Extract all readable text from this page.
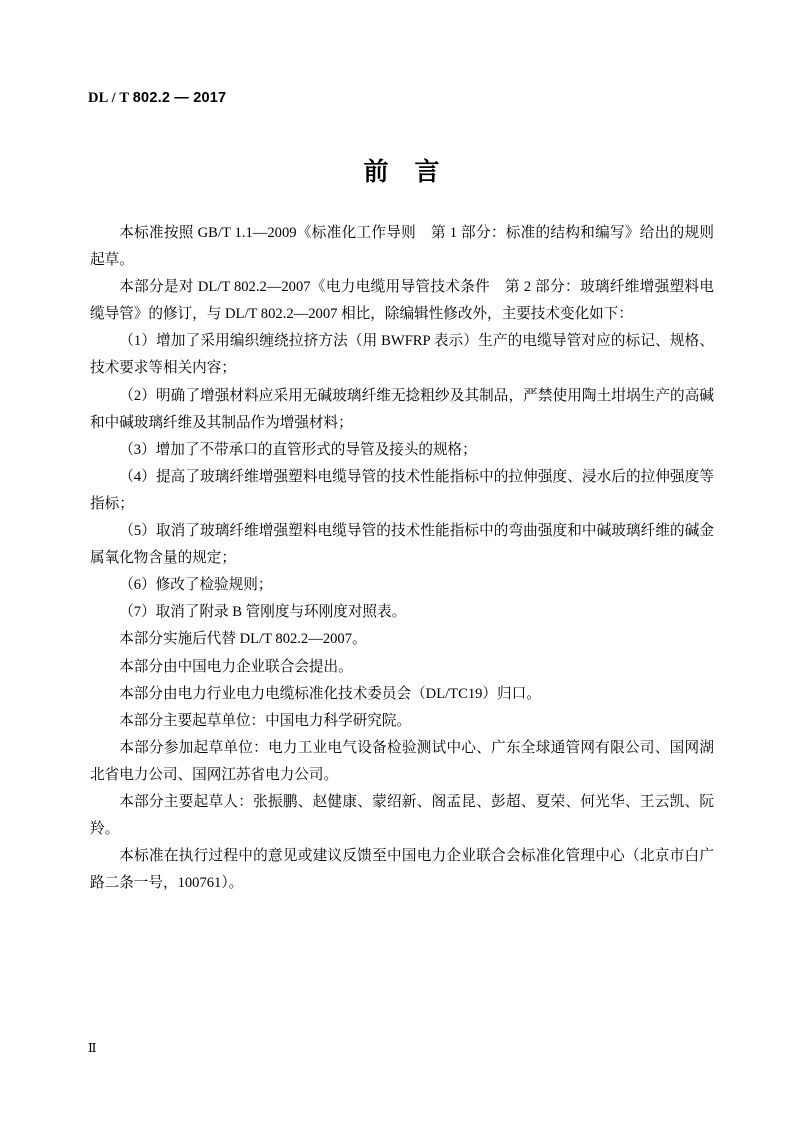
DL / T 802.2 — 2017
前言

本标准按照 GB/T 1.1—2009《标准化工作导则　第 1 部分：标准的结构和编写》给出的规则起草。

本部分是对 DL/T 802.2—2007《电力电缆用导管技术条件　第 2 部分：玻璃纤维增强塑料电缆导管》的修订，与 DL/T 802.2—2007 相比，除编辑性修改外，主要技术变化如下：

（1）增加了采用编织缠绕拉挤方法（用 BWFRP 表示）生产的电缆导管对应的标记、规格、技术要求等相关内容；

（2）明确了增强材料应采用无碱玻璃纤维无捻粗纱及其制品，严禁使用陶土坩埚生产的高碱和中碱玻璃纤维及其制品作为增强材料；

（3）增加了不带承口的直管形式的导管及接头的规格；

（4）提高了玻璃纤维增强塑料电缆导管的技术性能指标中的拉伸强度、浸水后的拉伸强度等指标；

（5）取消了玻璃纤维增强塑料电缆导管的技术性能指标中的弯曲强度和中碱玻璃纤维的碱金属氧化物含量的规定；

（6）修改了检验规则；

（7）取消了附录 B 管刚度与环刚度对照表。

本部分实施后代替 DL/T 802.2—2007。

本部分由中国电力企业联合会提出。

本部分由电力行业电力电缆标准化技术委员会（DL/TC19）归口。

本部分主要起草单位：中国电力科学研究院。

本部分参加起草单位：电力工业电气设备检验测试中心、广东全球通管网有限公司、国网湖北省电力公司、国网江苏省电力公司。

本部分主要起草人：张振鹏、赵健康、蒙绍新、阁孟昆、彭超、夏荣、何光华、王云凯、阮羚。

本标准在执行过程中的意见或建议反馈至中国电力企业联合会标准化管理中心（北京市白广路二条一号，100761）。

Ⅱ
